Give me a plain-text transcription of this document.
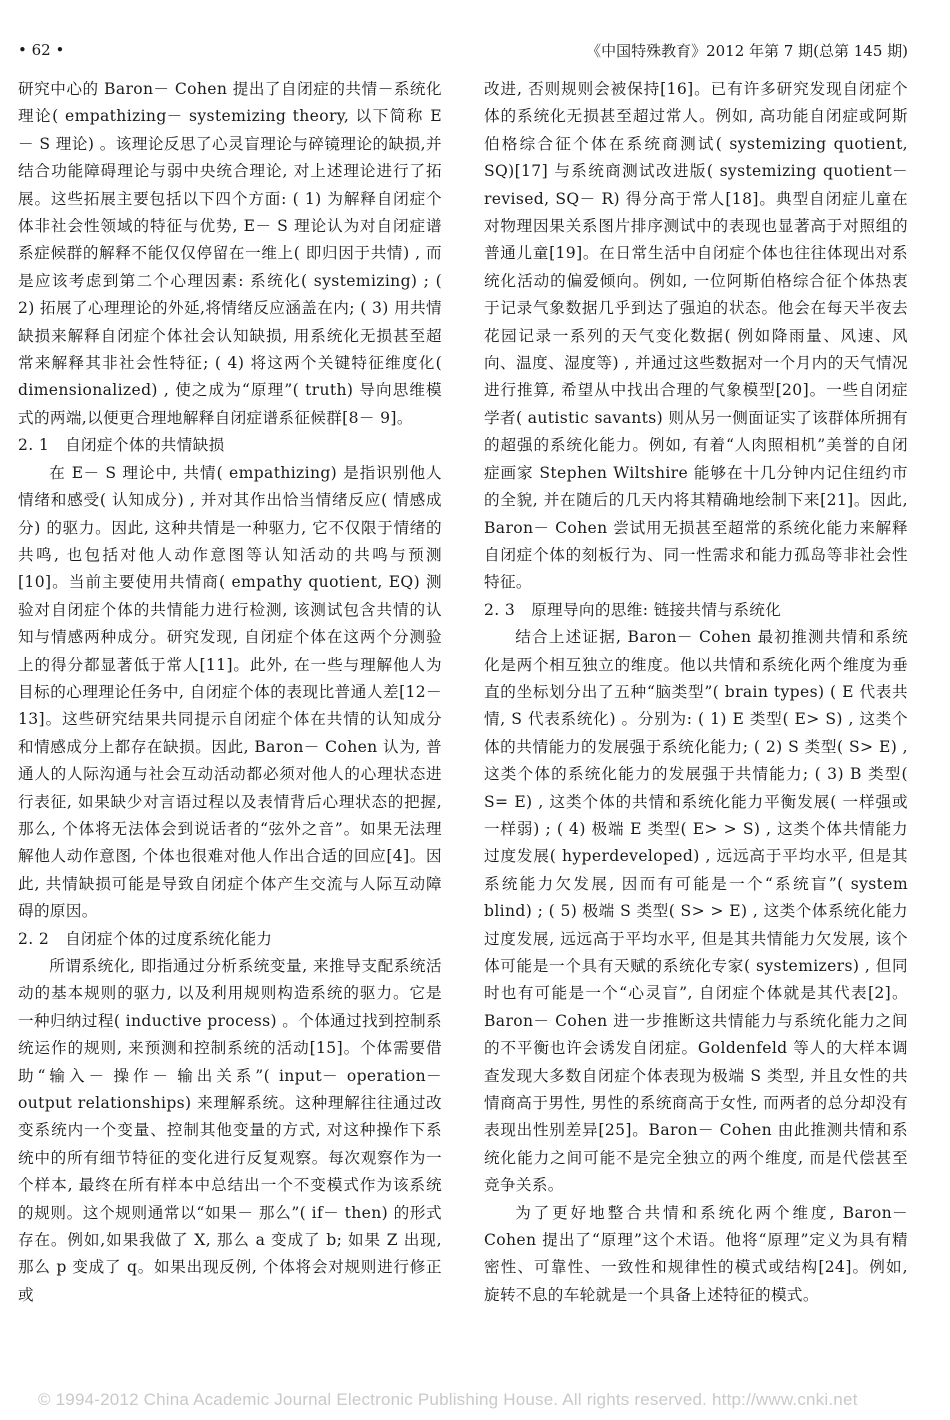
• 62 •	《中国特殊教育》2012 年第 7 期(总第 145 期)

研究中心的 Baron－ Cohen 提出了自闭症的共情－系统化理论( empathizing－ systemizing theory, 以下简称 E－ S 理论) 。该理论反思了心灵盲理论与碎镜理论的缺损,并结合功能障碍理论与弱中央统合理论, 对上述理论进行了拓展。这些拓展主要包括以下四个方面: ( 1) 为解释自闭症个体非社会性领域的特征与优势, E－ S 理论认为对自闭症谱系症候群的解释不能仅仅停留在一维上( 即归因于共情) , 而是应该考虑到第二个心理因素: 系统化( systemizing) ; ( 2) 拓展了心理理论的外延,将情绪反应涵盖在内; ( 3) 用共情缺损来解释自闭症个体社会认知缺损, 用系统化无损甚至超常来解释其非社会性特征; ( 4) 将这两个关键特征维度化( dimensionalized) , 使之成为“原理”( truth) 导向思维模式的两端,以便更合理地解释自闭症谱系征候群[8－ 9]。

2. 1　自闭症个体的共情缺损

在 E－ S 理论中, 共情( empathizing) 是指识别他人情绪和感受( 认知成分) , 并对其作出恰当情绪反应( 情感成分) 的驱力。因此, 这种共情是一种驱力, 它不仅限于情绪的共鸣, 也包括对他人动作意图等认知活动的共鸣与预测[10]。当前主要使用共情商( empathy quotient, EQ) 测验对自闭症个体的共情能力进行检测, 该测试包含共情的认知与情感两种成分。研究发现, 自闭症个体在这两个分测验上的得分都显著低于常人[11]。此外, 在一些与理解他人为目标的心理理论任务中, 自闭症个体的表现比普通人差[12－ 13]。这些研究结果共同提示自闭症个体在共情的认知成分和情感成分上都存在缺损。因此, Baron－ Cohen 认为, 普通人的人际沟通与社会互动活动都必须对他人的心理状态进行表征, 如果缺少对言语过程以及表情背后心理状态的把握, 那么, 个体将无法体会到说话者的“弦外之音”。如果无法理解他人动作意图, 个体也很难对他人作出合适的回应[4]。因此, 共情缺损可能是导致自闭症个体产生交流与人际互动障碍的原因。

2. 2　自闭症个体的过度系统化能力

所谓系统化, 即指通过分析系统变量, 来推导支配系统活动的基本规则的驱力, 以及利用规则构造系统的驱力。它是一种归纳过程( inductive process) 。个体通过找到控制系统运作的规则, 来预测和控制系统的活动[15]。个体需要借助“输入－ 操作－ 输出关系”( input－ operation－ output relationships) 来理解系统。这种理解往往通过改变系统内一个变量、控制其他变量的方式, 对这种操作下系统中的所有细节特征的变化进行反复观察。每次观察作为一个样本, 最终在所有样本中总结出一个不变模式作为该系统的规则。这个规则通常以“如果－ 那么”( if－ then) 的形式存在。例如,如果我做了 X, 那么 a 变成了 b; 如果 Z 出现, 那么 p 变成了 q。如果出现反例, 个体将会对规则进行修正或

改进, 否则规则会被保持[16]。已有许多研究发现自闭症个体的系统化无损甚至超过常人。例如, 高功能自闭症或阿斯伯格综合征个体在系统商测试( systemizing quotient, SQ)[17] 与系统商测试改进版( systemizing quotient－ revised, SQ－ R) 得分高于常人[18]。典型自闭症儿童在对物理因果关系图片排序测试中的表现也显著高于对照组的普通儿童[19]。在日常生活中自闭症个体也往往体现出对系统化活动的偏爱倾向。例如, 一位阿斯伯格综合征个体热衷于记录气象数据几乎到达了强迫的状态。他会在每天半夜去花园记录一系列的天气变化数据( 例如降雨量、风速、风向、温度、湿度等) , 并通过这些数据对一个月内的天气情况进行推算, 希望从中找出合理的气象模型[20]。一些自闭症学者( autistic savants) 则从另一侧面证实了该群体所拥有的超强的系统化能力。例如, 有着“人肉照相机”美誉的自闭症画家 Stephen Wiltshire 能够在十几分钟内记住纽约市的全貌, 并在随后的几天内将其精确地绘制下来[21]。因此, Baron－ Cohen 尝试用无损甚至超常的系统化能力来解释自闭症个体的刻板行为、同一性需求和能力孤岛等非社会性特征。

2. 3　原理导向的思维: 链接共情与系统化

结合上述证据, Baron－ Cohen 最初推测共情和系统化是两个相互独立的维度。他以共情和系统化两个维度为垂直的坐标划分出了五种“脑类型”( brain types) ( E 代表共情, S 代表系统化) 。分别为: ( 1) E 类型( E> S) , 这类个体的共情能力的发展强于系统化能力; ( 2) S 类型( S> E) , 这类个体的系统化能力的发展强于共情能力; ( 3) B 类型( S= E) , 这类个体的共情和系统化能力平衡发展( 一样强或一样弱) ; ( 4) 极端 E 类型( E> > S) , 这类个体共情能力过度发展( hyperdeveloped) , 远远高于平均水平, 但是其系统能力欠发展, 因而有可能是一个“系统盲”( system blind) ; ( 5) 极端 S 类型( S> > E) , 这类个体系统化能力过度发展, 远远高于平均水平, 但是其共情能力欠发展, 该个体可能是一个具有天赋的系统化专家( systemizers) , 但同时也有可能是一个“心灵盲”, 自闭症个体就是其代表[2]。Baron－ Cohen 进一步推断这共情能力与系统化能力之间的不平衡也许会诱发自闭症。Goldenfeld 等人的大样本调查发现大多数自闭症个体表现为极端 S 类型, 并且女性的共情商高于男性, 男性的系统商高于女性, 而两者的总分却没有表现出性别差异[25]。Baron－ Cohen 由此推测共情和系统化能力之间可能不是完全独立的两个维度, 而是代偿甚至竞争关系。

为了更好地整合共情和系统化两个维度, Baron－ Cohen 提出了“原理”这个术语。他将“原理”定义为具有精密性、可靠性、一致性和规律性的模式或结构[24]。例如, 旋转不息的车轮就是一个具备上述特征的模式。

© 1994-2012 China Academic Journal Electronic Publishing House. All rights reserved. http://www.cnki.net
